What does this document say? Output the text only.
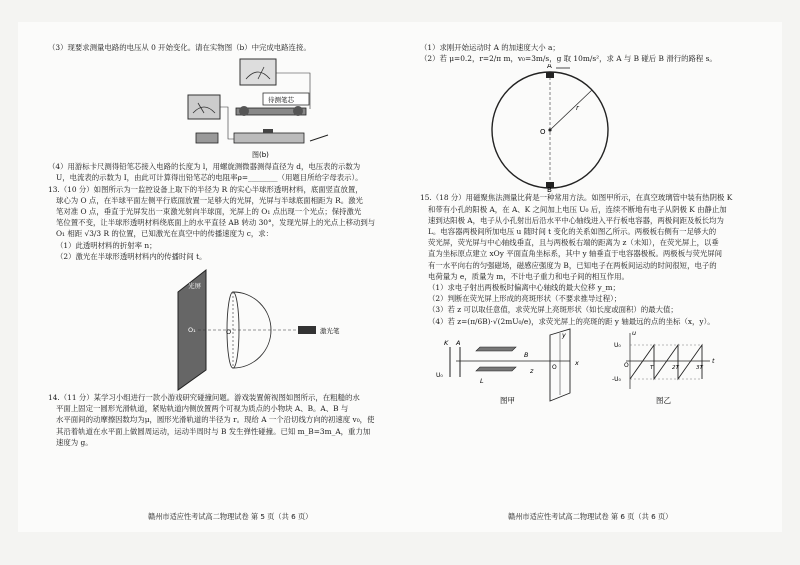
（3）现要求测量电路的电压从 0 开始变化。请在实物图（b）中完成电路连接。

待测笔芯
图(b)

（4）用游标卡尺测得铅笔芯接入电路的长度为 l，用螺旋测微器测得直径为 d，电压表的示数为

U，电流表的示数为 I，由此可计算得出铅笔芯的电阻率ρ=________（用题目所给字母表示）。

13.（10 分）如图所示为一监控设备上取下的半径为 R 的实心半球形透明材料，底面竖直放置，

球心为 O 点，在半球平面左侧平行底面放置一足够大的光屏，光屏与半球底面相距为 R。激光

笔对准 O 点，垂直于光屏发出一束激光射向半球面，光屏上的 O₁ 点出现一个光点；保持激光

笔位置不变，让半球形透明材料绕底面上的水平直径 AB 转动 30°，发现光屏上的光点上移动到与

O₁ 相距 √3/3 R 的位置，已知激光在真空中的传播速度为 c，求：

（1）此透明材料的折射率 n；

（2）激光在半球形透明材料内的传播时间 t。

光屏
O₁	O	激光笔

14.（11 分）某学习小组进行一款小游戏研究碰撞问题。游戏装置俯视图如图所示，在粗糙的水

平面上固定一圆形光滑轨道，紧贴轨道内侧放置两个可视为质点的小物块 A、B。A、B 与

水平面间的动摩擦因数均为μ，圆形光滑轨道的半径为 r。现给 A 一个沿切线方向的初速度 v₀，使

其沿着轨道在水平面上做圆周运动，运动半周时与 B 发生弹性碰撞。已知 m_B=3m_A，重力加

速度为 g。

（1）求刚开始运动时 A 的加速度大小 a；

（2）若 μ=0.2，r=2/π m，v₀=3m/s，g 取 10m/s²，求 A 与 B 碰后 B 滑行的路程 s。

r
O
A
B

15.（18 分）用磁聚焦法测量比荷是一种常用方法。如图甲所示，在真空玻璃管中装有热阴极 K

和带有小孔的阳极 A，在 A、K 之间加上电压 U₀ 后，连续不断地有电子从阴极 K 由静止加

速到达阳极 A，电子从小孔射出后沿水平中心轴线进入平行板电容器，两极间距及板长均为

L。电容器两极间所加电压 u 随时间 t 变化的关系如图乙所示。两极板右侧有一足够大的

荧光屏，荧光屏与中心轴线垂直，且与两极板右端的距离为 z（未知），在荧光屏上，以垂

直为坐标原点建立 xOy 平面直角坐标系，其中 y 轴垂直于电容器极板。两极板与荧光屏间

有一水平向右的匀强磁场，磁感应强度为 B，已知电子在两板间运动的时间很短，电子的

电荷量为 e，质量为 m，不计电子重力和电子间的相互作用。

（1）求电子射出两极板时偏离中心轴线的最大位移 y_m；

（2）判断在荧光屏上形成的亮斑形状（不要求推导过程）；

（3）若 z 可以取任意值，求荧光屏上亮斑形状（如长度或面积）的最大值；

（4）若 z=(π/6B)·√(2mU₀/e)，求荧光屏上的亮斑的距 y 轴最远的点的坐标（x，y）。

K A
U₀
L
B
y
x
O
z
图甲
u
t
U₀
-U₀
O	T	2T	3T
图乙
赣州市适应性考试高二物理试卷 第 5 页（共 6 页）	赣州市适应性考试高二物理试卷 第 6 页（共 6 页）
